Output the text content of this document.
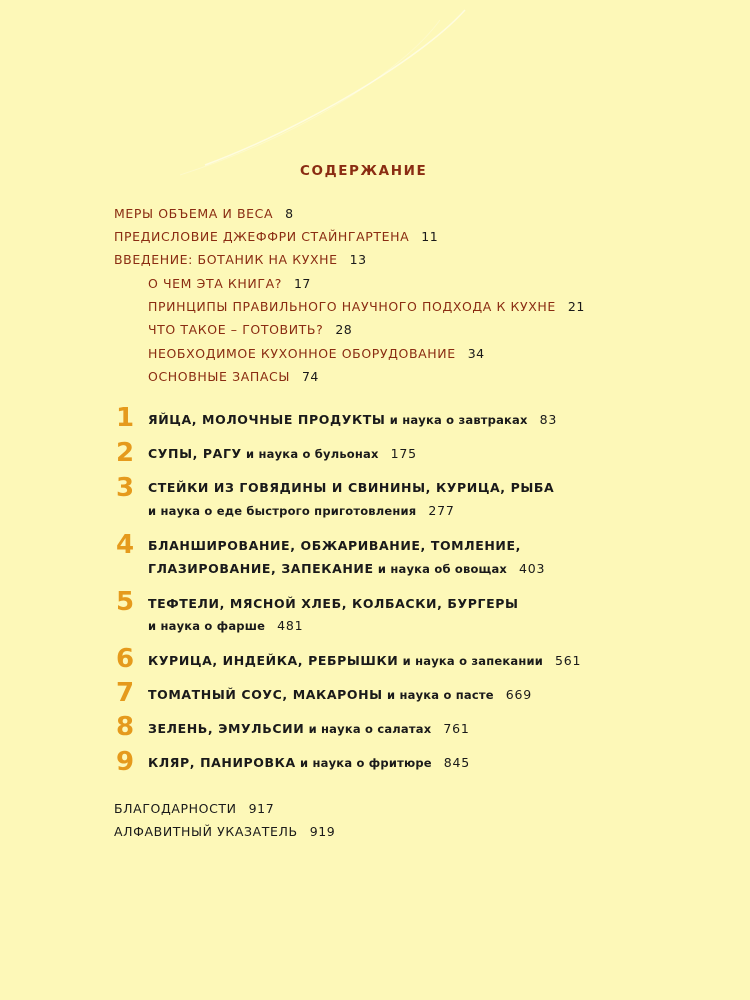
СОДЕРЖАНИЕ
МЕРЫ ОБЪЕМА И ВЕСА 8
ПРЕДИСЛОВИЕ ДЖЕФФРИ СТАЙНГАРТЕНА 11
ВВЕДЕНИЕ: БОТАНИК НА КУХНЕ 13
О ЧЕМ ЭТА КНИГА? 17
ПРИНЦИПЫ ПРАВИЛЬНОГО НАУЧНОГО ПОДХОДА К КУХНЕ 21
ЧТО ТАКОЕ – ГОТОВИТЬ? 28
НЕОБХОДИМОЕ КУХОННОЕ ОБОРУДОВАНИЕ 34
ОСНОВНЫЕ ЗАПАСЫ 74
1 ЯЙЦА, МОЛОЧНЫЕ ПРОДУКТЫ и наука о завтраках 83
2 СУПЫ, РАГУ и наука о бульонах 175
3 СТЕЙКИ ИЗ ГОВЯДИНЫ И СВИНИНЫ, КУРИЦА, РЫБА
и наука о еде быстрого приготовления 277
4 БЛАНШИРОВАНИЕ, ОБЖАРИВАНИЕ, ТОМЛЕНИЕ,
ГЛАЗИРОВАНИЕ, ЗАПЕКАНИЕ и наука об овощах 403
5 ТЕФТЕЛИ, МЯСНОЙ ХЛЕБ, КОЛБАСКИ, БУРГЕРЫ
и наука о фарше 481
6 КУРИЦА, ИНДЕЙКА, РЕБРЫШКИ и наука о запекании 561
7 ТОМАТНЫЙ СОУС, МАКАРОНЫ и наука о пасте 669
8 ЗЕЛЕНЬ, ЭМУЛЬСИИ и наука о салатах 761
9 КЛЯР, ПАНИРОВКА и наука о фритюре 845
БЛАГОДАРНОСТИ 917
АЛФАВИТНЫЙ УКАЗАТЕЛЬ 919
